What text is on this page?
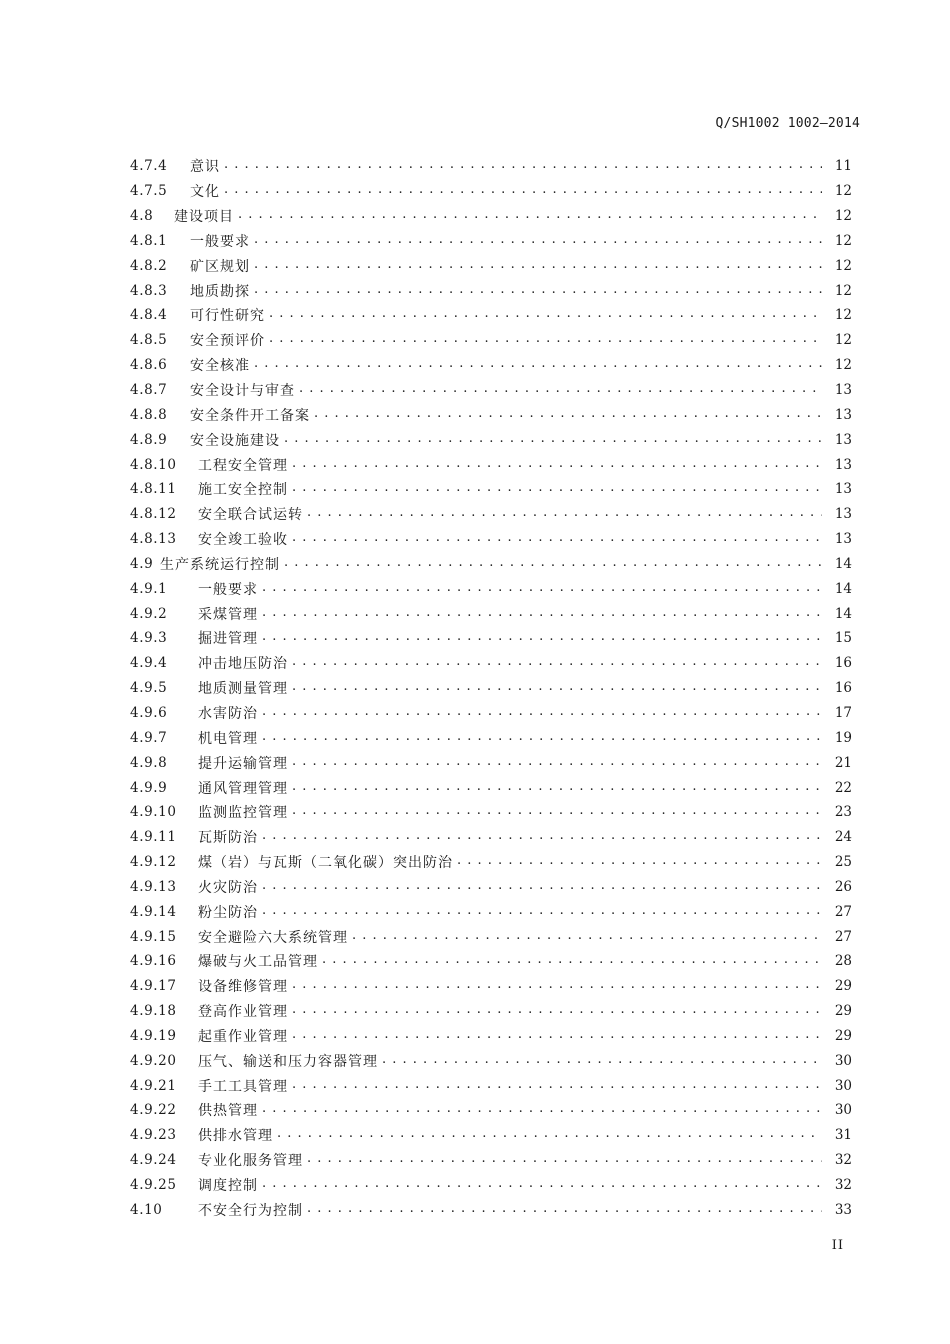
Q/SH1002 1002—2014
4.7.4	意识 . . .	11
4.7.5	文化 . . .	12
4.8	建设项目 . . .	12
4.8.1	一般要求 . . .	12
4.8.2	矿区规划 . . .	12
4.8.3	地质勘探 . . .	12
4.8.4	可行性研究 . . .	12
4.8.5	安全预评价 . . .	12
4.8.6	安全核准 . . .	12
4.8.7	安全设计与审查 . . .	13
4.8.8	安全条件开工备案 . . .	13
4.8.9	安全设施建设 . . .	13
4.8.10	工程安全管理 . . .	13
4.8.11	施工安全控制 . . .	13
4.8.12	安全联合试运转 . . .	13
4.8.13	安全竣工验收 . . .	13
4.9 生产系统运行控制 . . .	14
4.9.1	一般要求 . . .	14
4.9.2	采煤管理 . . .	14
4.9.3	掘进管理 . . .	15
4.9.4	冲击地压防治 . . .	16
4.9.5	地质测量管理 . . .	16
4.9.6	水害防治 . . .	17
4.9.7	机电管理 . . .	19
4.9.8	提升运输管理 . . .	21
4.9.9	通风管理管理 . . .	22
4.9.10	监测监控管理 . . .	23
4.9.11	瓦斯防治 . . .	24
4.9.12	煤（岩）与瓦斯（二氧化碳）突出防治 . . .	25
4.9.13	火灾防治 . . .	26
4.9.14	粉尘防治 . . .	27
4.9.15	安全避险六大系统管理 . . .	27
4.9.16	爆破与火工品管理 . . .	28
4.9.17	设备维修管理 . . .	29
4.9.18	登高作业管理 . . .	29
4.9.19	起重作业管理 . . .	29
4.9.20	压气、输送和压力容器管理 . . .	30
4.9.21	手工工具管理 . . .	30
4.9.22	供热管理 . . .	30
4.9.23	供排水管理 . . .	31
4.9.24	专业化服务管理 . . .	32
4.9.25	调度控制 . . .	32
4.10	不安全行为控制 . . .	33
II
